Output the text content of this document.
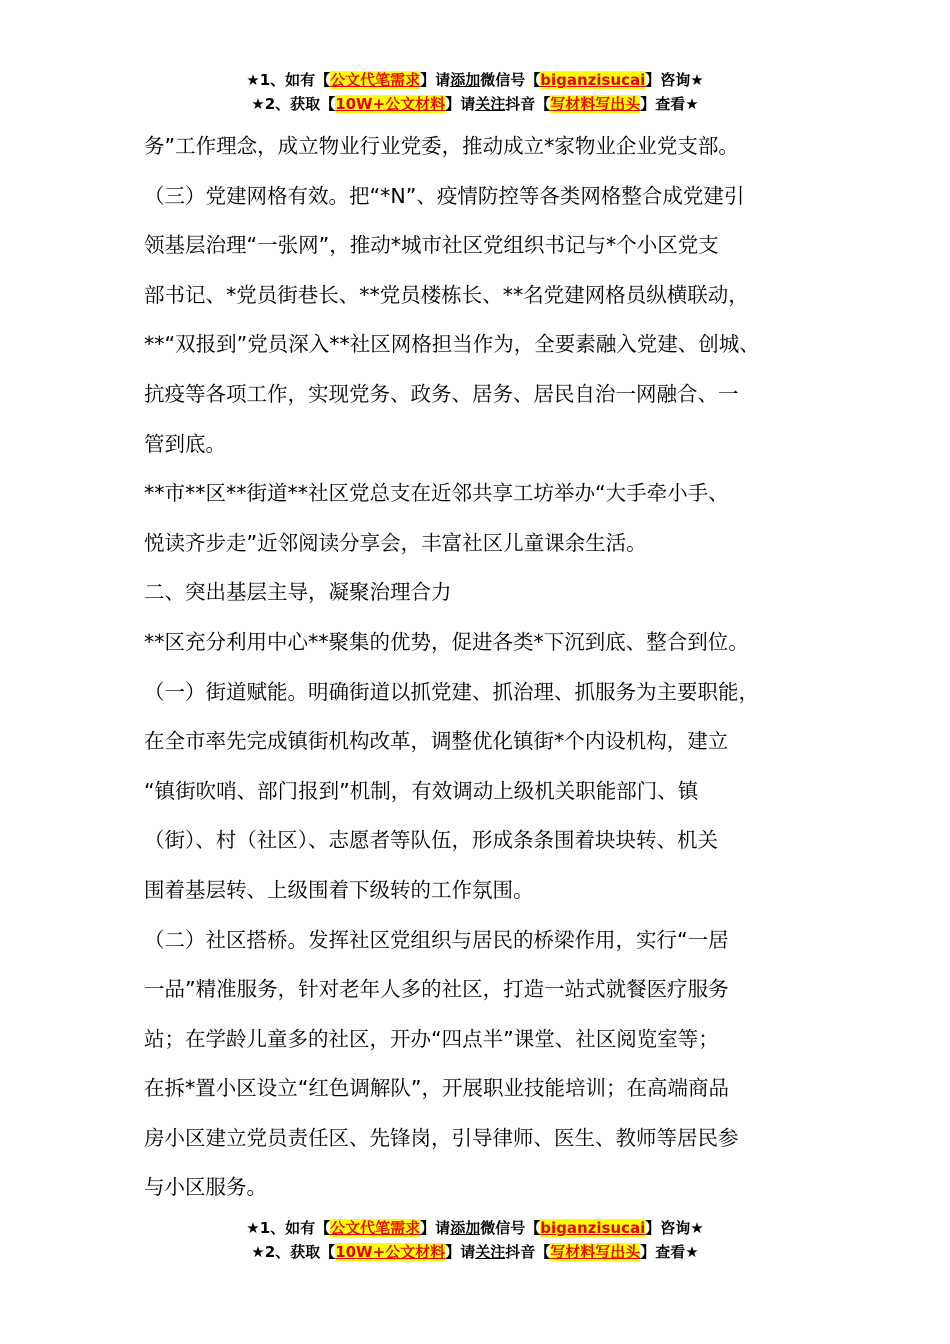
★1、如有【公文代笔需求】请添加微信号【biganzisucai】咨询★
★2、获取【10W+公文材料】请关注抖音【写材料写出头】查看★

务”工作理念，成立物业行业党委，推动成立*家物业企业党支部。

（三）党建网格有效。把“*N”、疫情防控等各类网格整合成党建引

领基层治理“一张网”，推动*城市社区党组织书记与*个小区党支

部书记、*党员街巷长、**党员楼栋长、**名党建网格员纵横联动，

**“双报到”党员深入**社区网格担当作为，全要素融入党建、创城、

抗疫等各项工作，实现党务、政务、居务、居民自治一网融合、一

管到底。

**市**区**街道**社区党总支在近邻共享工坊举办“大手牵小手、

悦读齐步走”近邻阅读分享会，丰富社区儿童课余生活。

二、突出基层主导，凝聚治理合力

**区充分利用中心**聚集的优势，促进各类*下沉到底、整合到位。

（一）街道赋能。明确街道以抓党建、抓治理、抓服务为主要职能，

在全市率先完成镇街机构改革，调整优化镇街*个内设机构，建立

“镇街吹哨、部门报到”机制，有效调动上级机关职能部门、镇

（街）、村（社区）、志愿者等队伍，形成条条围着块块转、机关

围着基层转、上级围着下级转的工作氛围。

（二）社区搭桥。发挥社区党组织与居民的桥梁作用，实行“一居

一品”精准服务，针对老年人多的社区，打造一站式就餐医疗服务

站；在学龄儿童多的社区，开办“四点半”课堂、社区阅览室等；

在拆*置小区设立“红色调解队”，开展职业技能培训；在高端商品

房小区建立党员责任区、先锋岗，引导律师、医生、教师等居民参

与小区服务。

★1、如有【公文代笔需求】请添加微信号【biganzisucai】咨询★
★2、获取【10W+公文材料】请关注抖音【写材料写出头】查看★
